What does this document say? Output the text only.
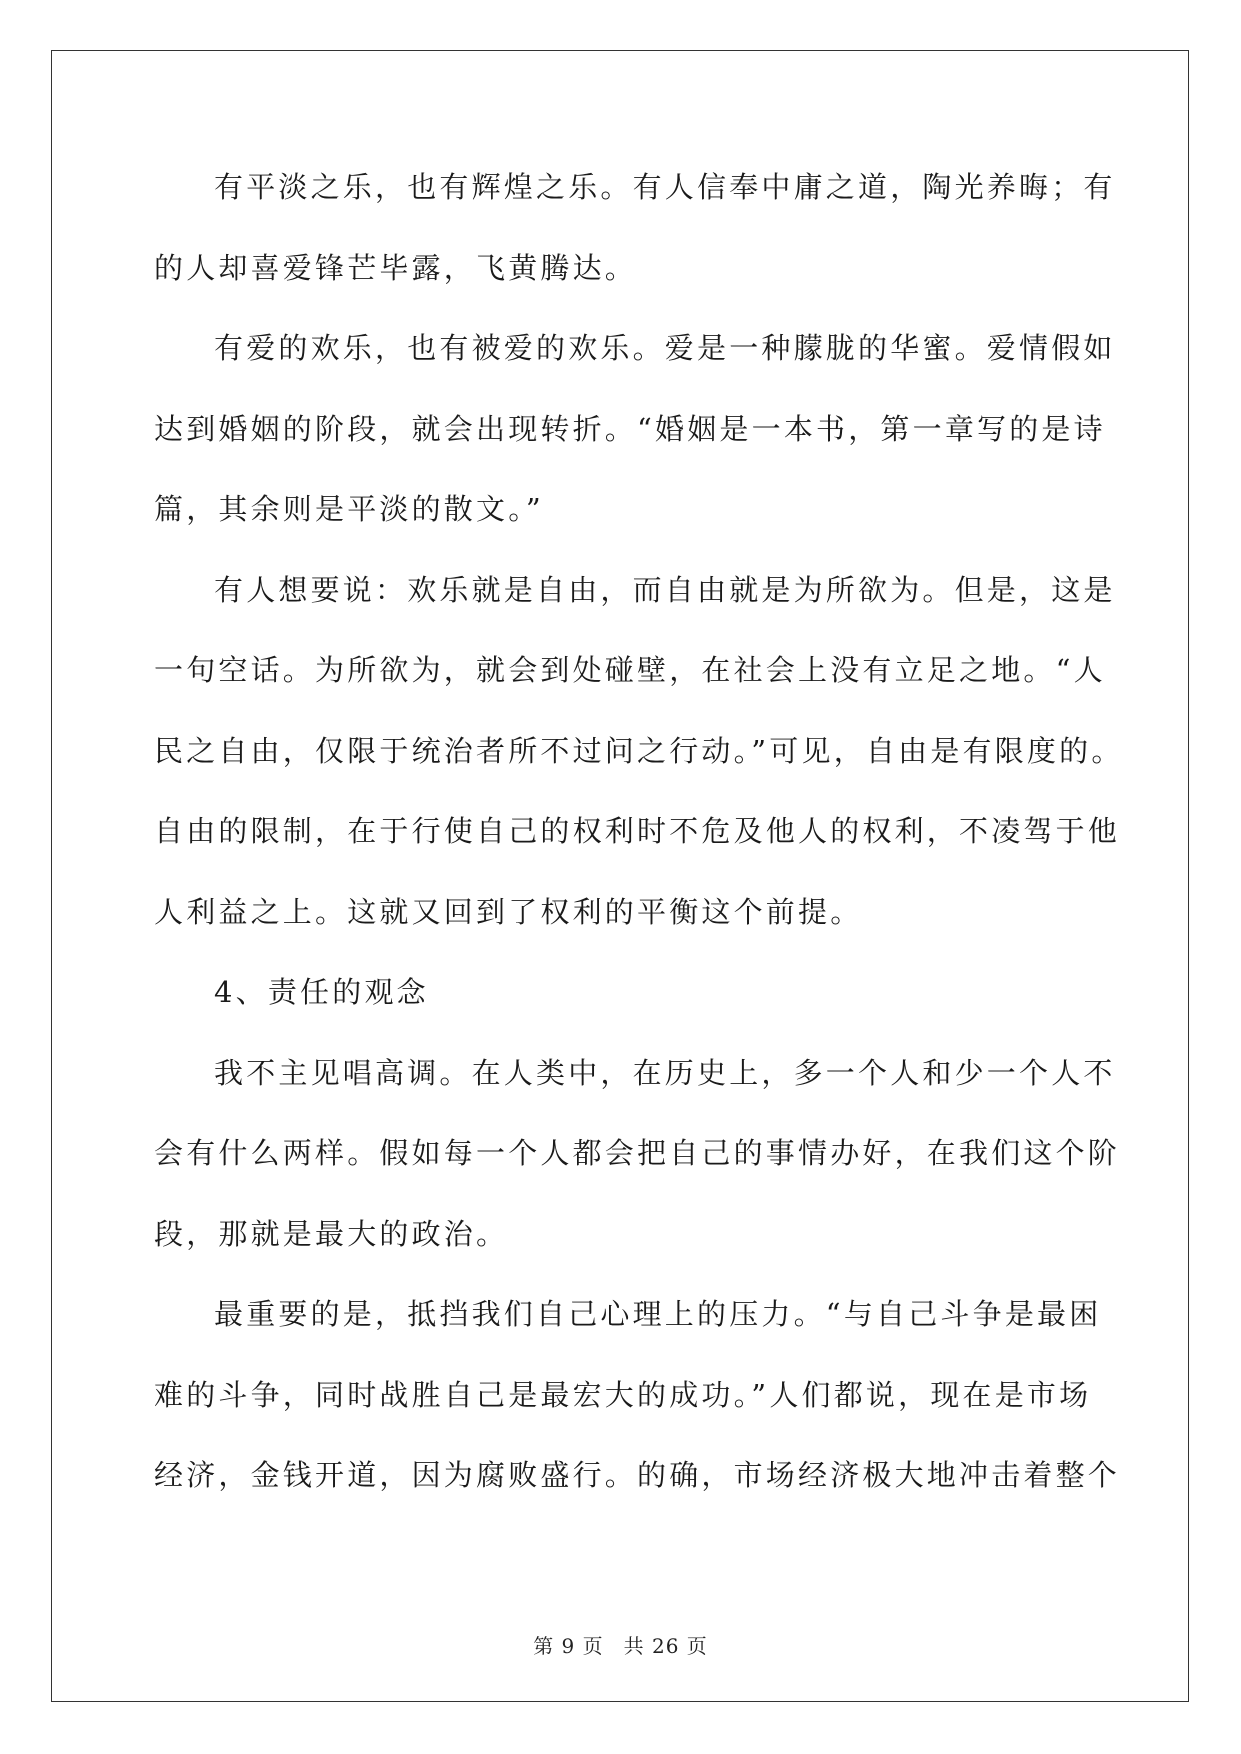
有平淡之乐，也有辉煌之乐。有人信奉中庸之道，陶光养晦；有
的人却喜爱锋芒毕露，飞黄腾达。
有爱的欢乐，也有被爱的欢乐。爱是一种朦胧的华蜜。爱情假如
达到婚姻的阶段，就会出现转折。“婚姻是一本书，第一章写的是诗
篇，其余则是平淡的散文。”
有人想要说：欢乐就是自由，而自由就是为所欲为。但是，这是
一句空话。为所欲为，就会到处碰壁，在社会上没有立足之地。“人
民之自由，仅限于统治者所不过问之行动。”可见，自由是有限度的。
自由的限制，在于行使自己的权利时不危及他人的权利，不凌驾于他
人利益之上。这就又回到了权利的平衡这个前提。
4、责任的观念
我不主见唱高调。在人类中，在历史上，多一个人和少一个人不
会有什么两样。假如每一个人都会把自己的事情办好，在我们这个阶
段，那就是最大的政治。
最重要的是，抵挡我们自己心理上的压力。“与自己斗争是最困
难的斗争，同时战胜自己是最宏大的成功。”人们都说，现在是市场
经济，金钱开道，因为腐败盛行。的确，市场经济极大地冲击着整个
第 9 页 共 26 页
